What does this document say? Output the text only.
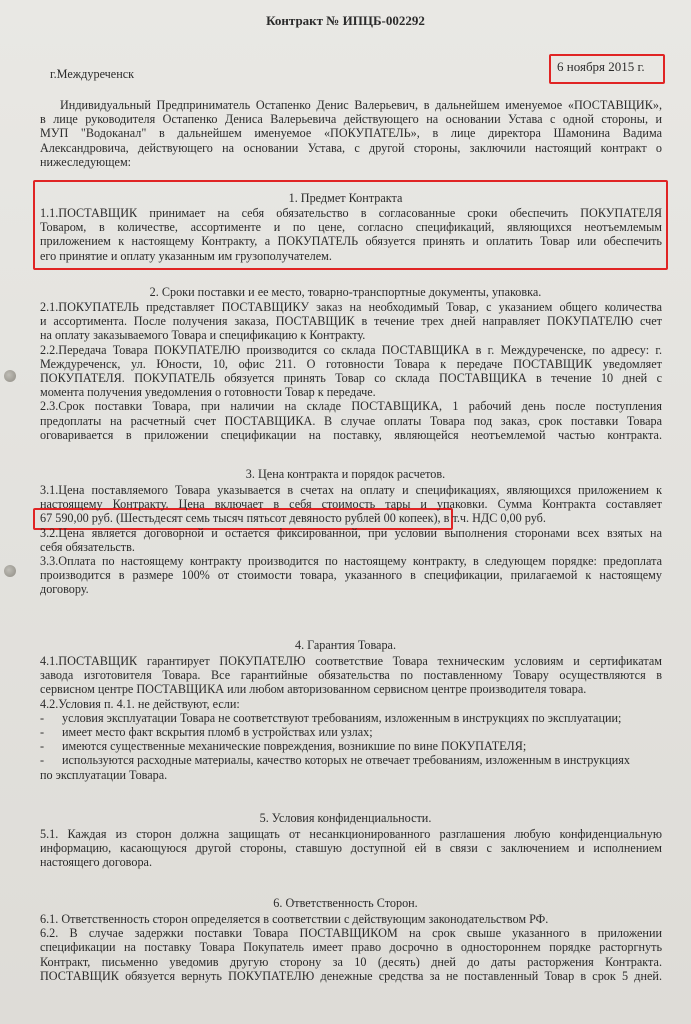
Контракт № ИПЦБ-002292
г.Междуреченск	6 ноября 2015 г.
Индивидуальный Предприниматель Остапенко Денис Валерьевич, в дальнейшем именуемое «ПОСТАВЩИК»,
в лице руководителя Остапенко Дениса Валерьевича действующего на основании Устава с одной стороны, и
МУП "Водоканал" в дальнейшем именуемое «ПОКУПАТЕЛЬ», в лице директора Шамонина Вадима
Александровича, действующего на основании Устава, с другой стороны, заключили настоящий контракт о
нижеследующем:
1. Предмет Контракта
1.1.ПОСТАВЩИК принимает на себя обязательство в согласованные сроки обеспечить ПОКУПАТЕЛЯ
Товаром, в количестве, ассортименте и по цене, согласно спецификаций, являющихся неотъемлемым
приложением к настоящему Контракту, а ПОКУПАТЕЛЬ обязуется принять и оплатить Товар или обеспечить
его принятие и оплату указанным им грузополучателем.
2. Сроки поставки и ее место, товарно-транспортные документы, упаковка.
2.1.ПОКУПАТЕЛЬ представляет ПОСТАВЩИКУ заказ на необходимый Товар, с указанием общего количества
и ассортимента. После получения заказа, ПОСТАВЩИК в течение трех дней направляет ПОКУПАТЕЛЮ счет
на оплату заказываемого Товара и спецификацию к Контракту.
2.2.Передача Товара ПОКУПАТЕЛЮ производится со склада ПОСТАВЩИКА в г. Междуреченске, по адресу: г.
Междуреченск, ул. Юности, 10, офис 211. О готовности Товара к передаче ПОСТАВЩИК уведомляет
ПОКУПАТЕЛЯ. ПОКУПАТЕЛЬ обязуется принять Товар со склада ПОСТАВЩИКА в течение 10 дней с
момента получения уведомления о готовности Товар к передаче.
2.3.Срок поставки Товара, при наличии на складе ПОСТАВЩИКА, 1 рабочий день после поступления
предоплаты на расчетный счет ПОСТАВЩИКА. В случае оплаты Товара под заказ, срок поставки Товара
оговаривается в приложении спецификации на поставку, являющейся неотъемлемой частью контракта.
3. Цена контракта и порядок расчетов.
3.1.Цена поставляемого Товара указывается в счетах на оплату и спецификациях, являющихся приложением к
настоящему Контракту. Цена включает в себя стоимость тары и упаковки. Сумма Контракта составляет
67 590,00 руб. (Шестьдесят семь тысяч пятьсот девяносто рублей 00 копеек), в т.ч. НДС 0,00 руб.
3.2.Цена является договорной и остается фиксированной, при условии выполнения сторонами всех взятых на
себя обязательств.
3.3.Оплата по настоящему контракту производится по настоящему контракту, в следующем порядке: предоплата
производится в размере 100% от стоимости товара, указанного в спецификации, прилагаемой к настоящему
договору.
4. Гарантия Товара.
4.1.ПОСТАВЩИК гарантирует ПОКУПАТЕЛЮ соответствие Товара техническим условиям и сертификатам
завода изготовителя Товара. Все гарантийные обязательства по поставленному Товару осуществляются в
сервисном центре ПОСТАВЩИКА или любом авторизованном сервисном центре производителя товара.
4.2.Условия п. 4.1. не действуют, если:
-	условия эксплуатации Товара не соответствуют требованиям, изложенным в инструкциях по эксплуатации;
-	имеет место факт вскрытия пломб в устройствах или узлах;
-	имеются существенные механические повреждения, возникшие по вине ПОКУПАТЕЛЯ;
-	используются расходные материалы, качество которых не отвечает требованиям, изложенным в инструкциях
по эксплуатации Товара.
5. Условия конфиденциальности.
5.1. Каждая из сторон должна защищать от несанкционированного разглашения любую конфиденциальную
информацию, касающуюся другой стороны, ставшую доступной ей в связи с заключением и исполнением
настоящего договора.
6. Ответственность Сторон.
6.1. Ответственность сторон определяется в соответствии с действующим законодательством РФ.
6.2. В случае задержки поставки Товара ПОСТАВЩИКОМ на срок свыше указанного в приложении
спецификации на поставку Товара Покупатель имеет право досрочно в одностороннем порядке расторгнуть
Контракт, письменно уведомив другую сторону за 10 (десять) дней до даты расторжения Контракта.
ПОСТАВЩИК обязуется вернуть ПОКУПАТЕЛЮ денежные средства за не поставленный Товар в срок 5 дней.
